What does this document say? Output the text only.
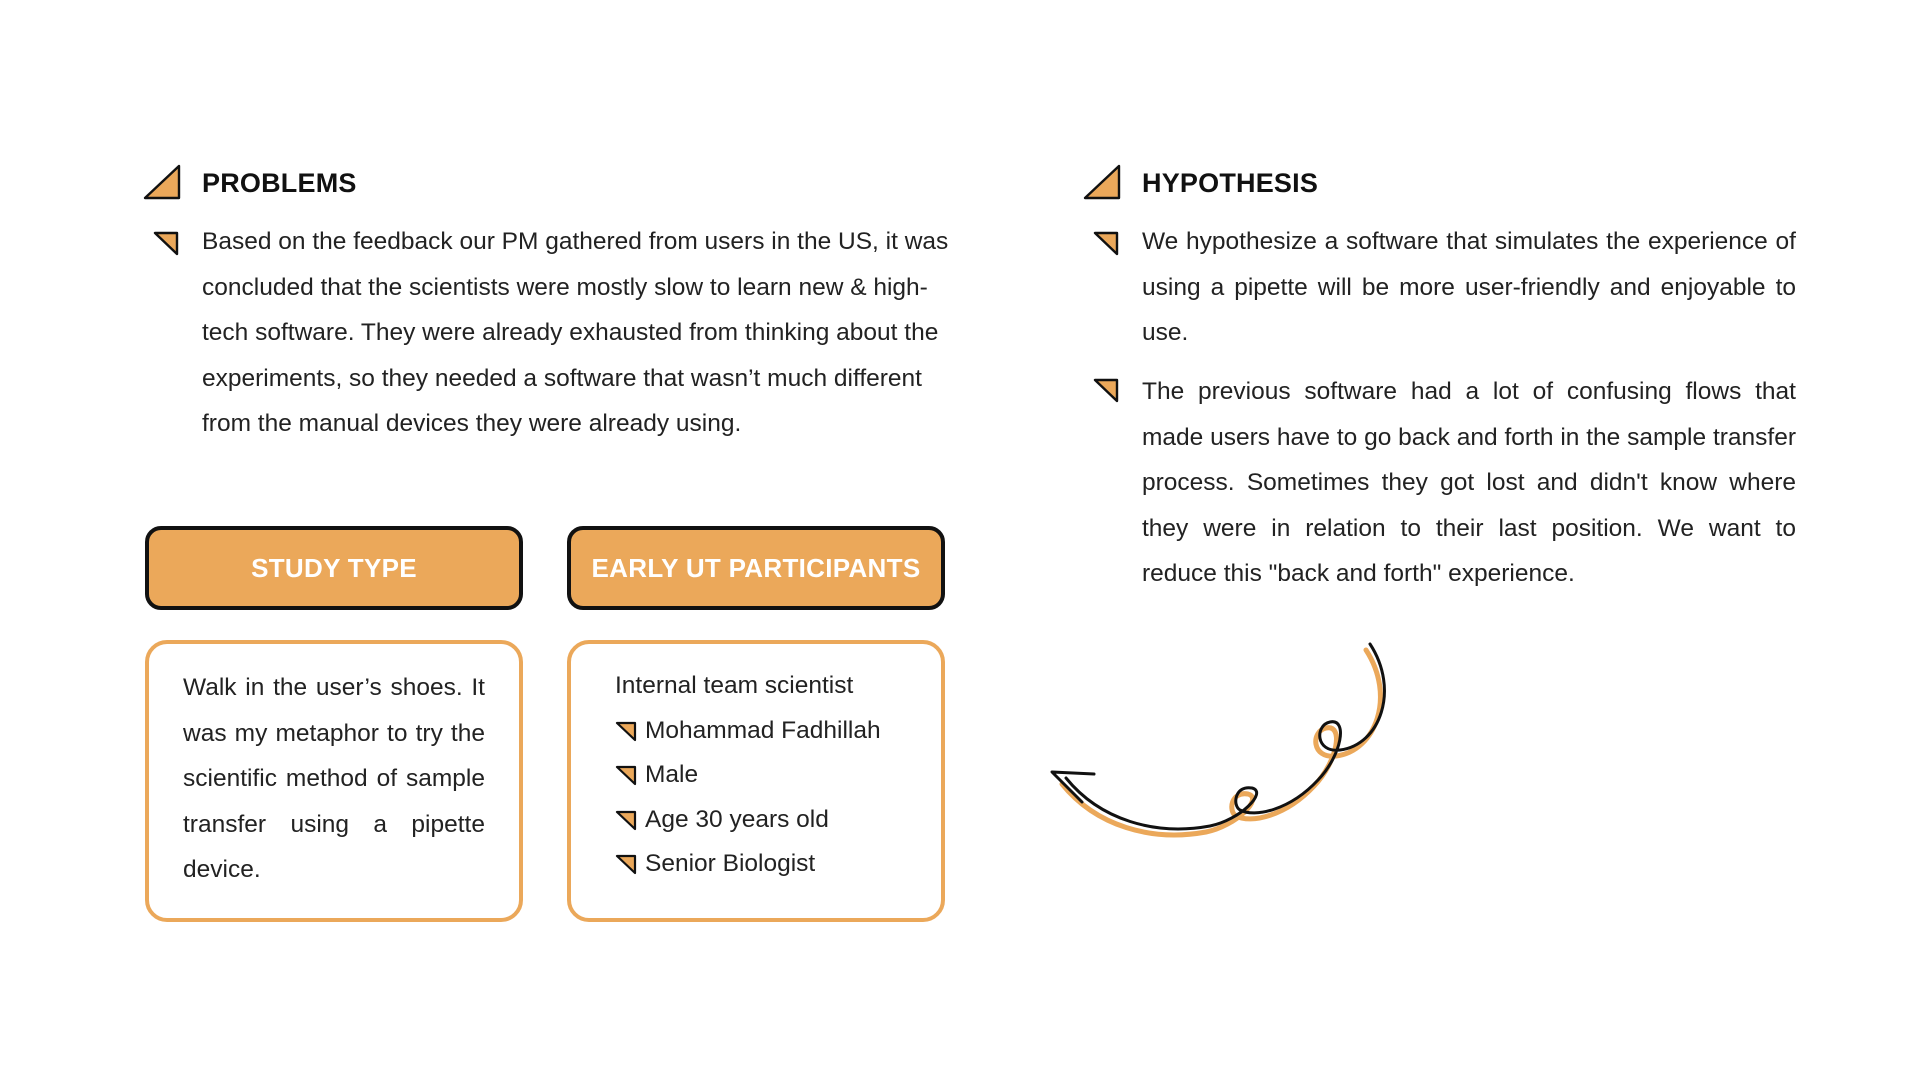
PROBLEMS
Based on the feedback our PM gathered from users in the US, it was
concluded that the scientists were mostly slow to learn new & high-
tech software. They were already exhausted from thinking about the
experiments, so they needed a software that wasn’t much different
from the manual devices they were already using.
HYPOTHESIS
We hypothesize a software that simulates the experience of using a pipette will be more user-friendly and enjoyable to use.
The previous software had a lot of confusing flows that made users have to go back and forth in the sample transfer process. Sometimes they got lost and didn't know where they were in relation to their last position. We want to reduce this "back and forth" experience.
STUDY TYPE
Walk in the user’s shoes. It was my metaphor to try the scientific method of sample transfer using a pipette device.
EARLY UT PARTICIPANTS
Internal team scientist
Mohammad Fadhillah
Male
Age 30 years old
Senior Biologist
